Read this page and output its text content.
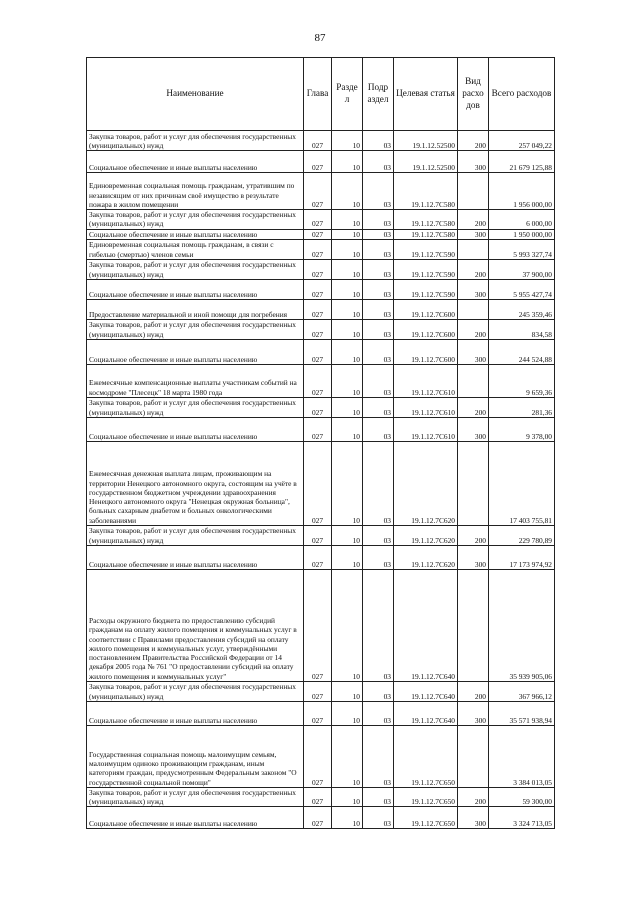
87
Наименование	Глава	Разде л	Подр аздел	Целевая статья	Вид расхо дов	Всего расходов
Закупка товаров, работ и услуг для обеспечения государственных (муниципальных) нужд	027	10	03	19.1.12.52500	200	257 049,22
Социальное обеспечение и иные выплаты населению	027	10	03	19.1.12.52500	300	21 679 125,88
Единовременная социальная помощь гражданам, утратившим по независящим от них причинам своё имущество в результате пожара в жилом помещении	027	10	03	19.1.12.7С580		1 956 000,00
Закупка товаров, работ и услуг для обеспечения государственных (муниципальных) нужд	027	10	03	19.1.12.7С580	200	6 000,00
Социальное обеспечение и иные выплаты населению	027	10	03	19.1.12.7С580	300	1 950 000,00
Единовременная социальная помощь гражданам, в связи с гибелью (смертью) членов семьи	027	10	03	19.1.12.7С590		5 993 327,74
Закупка товаров, работ и услуг для обеспечения государственных (муниципальных) нужд	027	10	03	19.1.12.7С590	200	37 900,00
Социальное обеспечение и иные выплаты населению	027	10	03	19.1.12.7С590	300	5 955 427,74
Предоставление материальной и иной помощи для погребения	027	10	03	19.1.12.7С600		245 359,46
Закупка товаров, работ и услуг для обеспечения государственных (муниципальных) нужд	027	10	03	19.1.12.7С600	200	834,58
Социальное обеспечение и иные выплаты населению	027	10	03	19.1.12.7С600	300	244 524,88
Ежемесячные компенсационные выплаты участникам событий на космодроме "Плесецк" 18 марта 1980 года	027	10	03	19.1.12.7С610		9 659,36
Закупка товаров, работ и услуг для обеспечения государственных (муниципальных) нужд	027	10	03	19.1.12.7С610	200	281,36
Социальное обеспечение и иные выплаты населению	027	10	03	19.1.12.7С610	300	9 378,00
Ежемесячная денежная выплата лицам, проживающим на территории Ненецкого автономного округа, состоящим на учёте в государственном бюджетном учреждении здравоохранения Ненецкого автономного округа "Ненецкая окружная больница", больных сахарным диабетом и больных онкологическими заболеваниями	027	10	03	19.1.12.7С620		17 403 755,81
Закупка товаров, работ и услуг для обеспечения государственных (муниципальных) нужд	027	10	03	19.1.12.7С620	200	229 780,89
Социальное обеспечение и иные выплаты населению	027	10	03	19.1.12.7С620	300	17 173 974,92
Расходы окружного бюджета по предоставлению субсидий гражданам на оплату жилого помещения и коммунальных услуг в соответствии с Правилами предоставления субсидий на оплату жилого помещения и коммунальных услуг, утверждёнными постановлением Правительства Российской Федерации от 14 декабря 2005 года № 761 "О предоставлении субсидий на оплату жилого помещения и коммунальных услуг"	027	10	03	19.1.12.7С640		35 939 905,06
Закупка товаров, работ и услуг для обеспечения государственных (муниципальных) нужд	027	10	03	19.1.12.7С640	200	367 966,12
Социальное обеспечение и иные выплаты населению	027	10	03	19.1.12.7С640	300	35 571 938,94
Государственная социальная помощь малоимущим семьям, малоимущим одиноко проживающим гражданам, иным категориям граждан, предусмотренным Федеральным законом "О государственной социальной помощи"	027	10	03	19.1.12.7С650		3 384 013,05
Закупка товаров, работ и услуг для обеспечения государственных (муниципальных) нужд	027	10	03	19.1.12.7С650	200	59 300,00
Социальное обеспечение и иные выплаты населению	027	10	03	19.1.12.7С650	300	3 324 713,05
